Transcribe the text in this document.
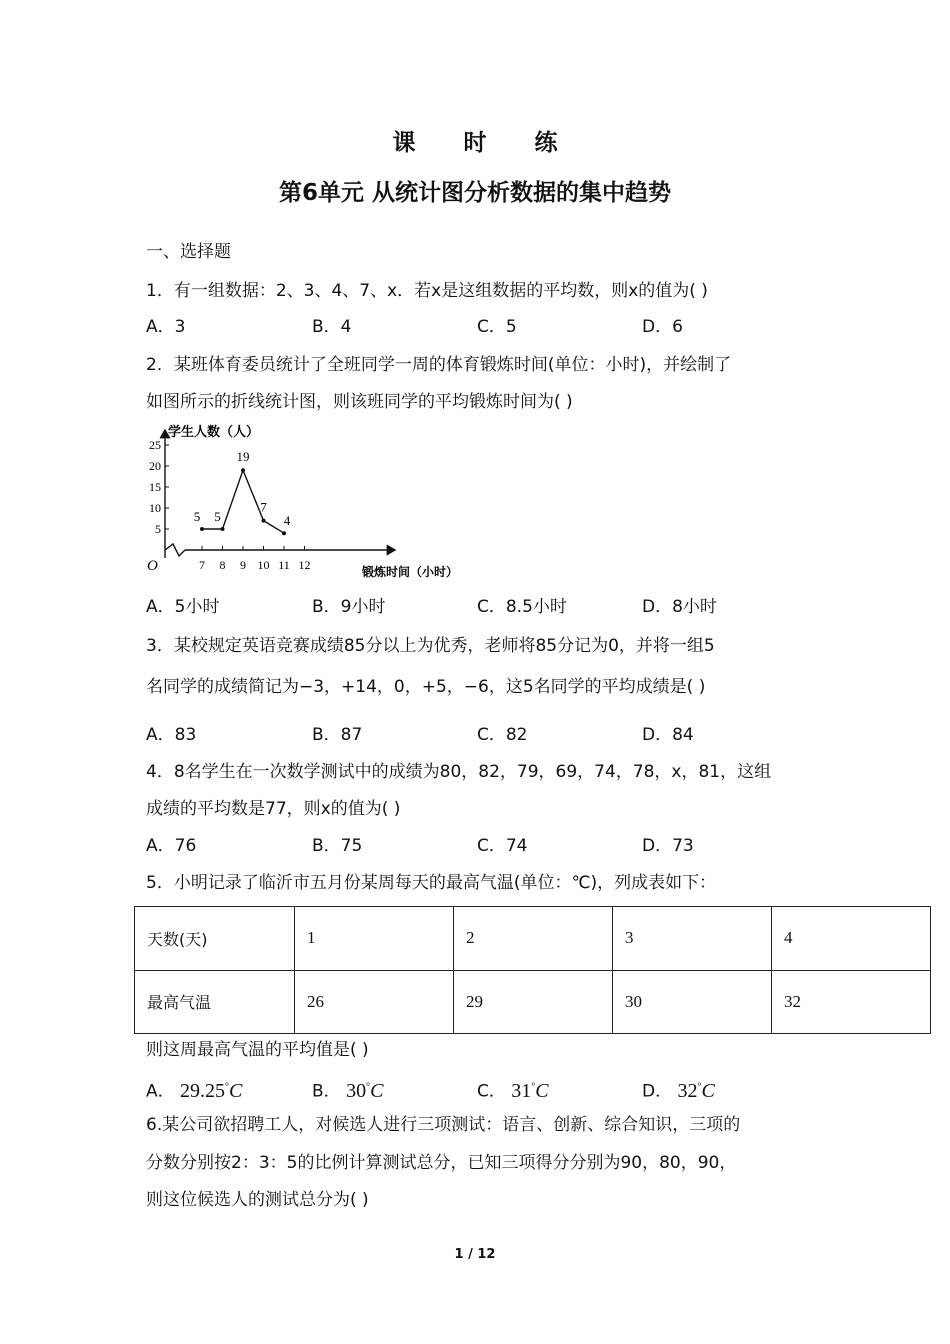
课 时 练
第6单元 从统计图分析数据的集中趋势
一、选择题
1．有一组数据：2、3、4、7、x．若x是这组数据的平均数，则x的值为( )
A．3	B．4	C．5	D．6
2．某班体育委员统计了全班同学一周的体育锻炼时间(单位：小时)，并绘制了
如图所示的折线统计图，则该班同学的平均锻炼时间为( )
学生人数（人）
锻炼时间（小时）
O
5
10
15
20
25
7 8 9 10 11 12
5 5
19
7
4
A．5小时	B．9小时	C．8.5小时	D．8小时
3．某校规定英语竞赛成绩85分以上为优秀，老师将85分记为0，并将一组5
名同学的成绩简记为−3，+14，0，+5，−6，这5名同学的平均成绩是( )
A．83	B．87	C．82	D．84
4．8名学生在一次数学测试中的成绩为80，82，79，69，74，78，x，81，这组
成绩的平均数是77，则x的值为( )
A．76	B．75	C．74	D．73
5．小明记录了临沂市五月份某周每天的最高气温(单位：℃)，列成表如下：
天数(天)	1	2	3	4
最高气温	26	29	30	32
则这周最高气温的平均值是( )
A． 29.25°C	B． 30°C	C． 31°C	D． 32°C
6.某公司欲招聘工人，对候选人进行三项测试：语言、创新、综合知识，三项的
分数分别按2：3：5的比例计算测试总分，已知三项得分分别为90，80，90，
则这位候选人的测试总分为( )
1 / 12
